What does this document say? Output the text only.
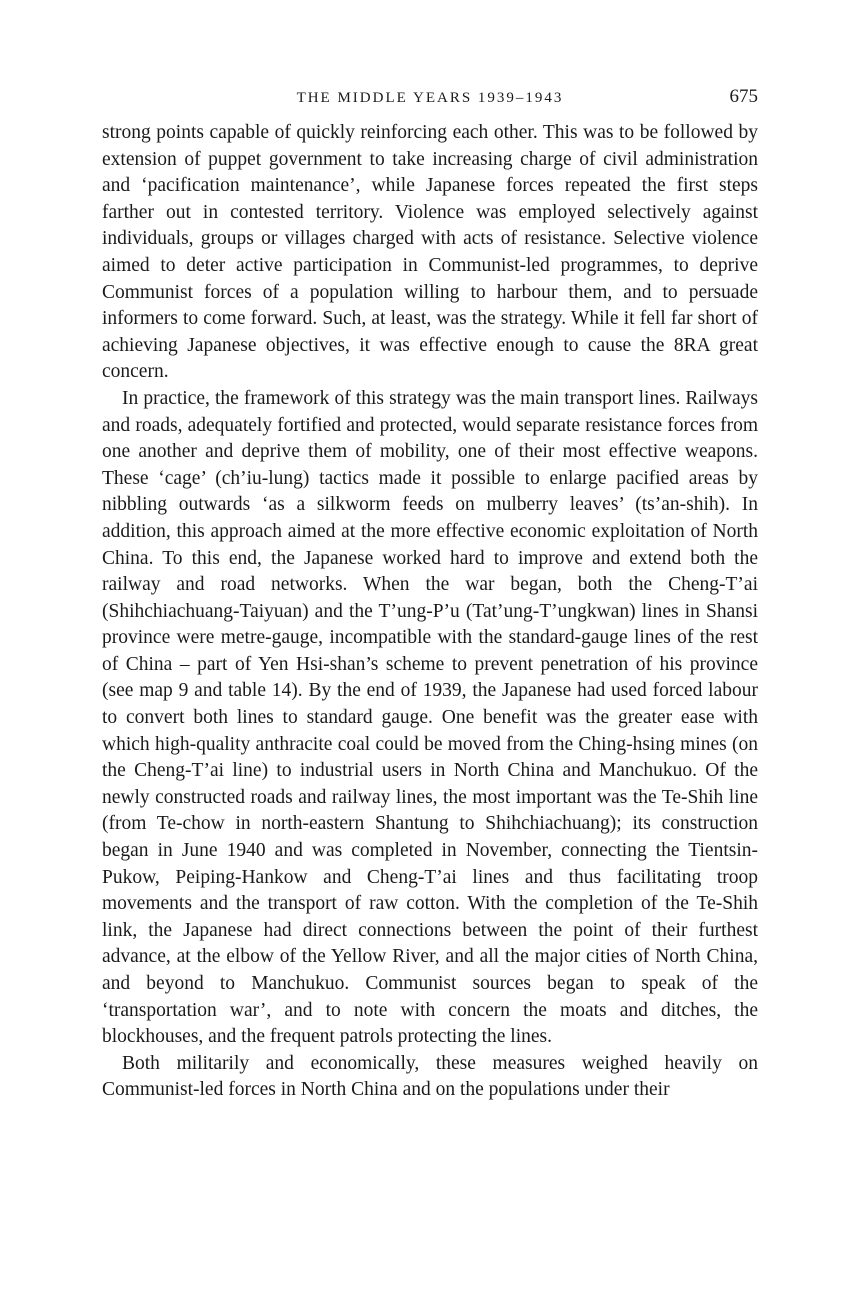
THE MIDDLE YEARS 1939–1943	675

strong points capable of quickly reinforcing each other. This was to be followed by extension of puppet government to take increasing charge of civil administration and ‘pacification maintenance’, while Japanese forces repeated the first steps farther out in contested territory. Violence was employed selectively against individuals, groups or villages charged with acts of resistance. Selective violence aimed to deter active participation in Communist-led programmes, to deprive Communist forces of a population willing to harbour them, and to persuade informers to come forward. Such, at least, was the strategy. While it fell far short of achieving Japanese objectives, it was effective enough to cause the 8RA great concern.

In practice, the framework of this strategy was the main transport lines. Railways and roads, adequately fortified and protected, would separate resistance forces from one another and deprive them of mobility, one of their most effective weapons. These ‘cage’ (ch’iu-lung) tactics made it possible to enlarge pacified areas by nibbling outwards ‘as a silkworm feeds on mulberry leaves’ (ts’an-shih). In addition, this approach aimed at the more effective economic exploitation of North China. To this end, the Japanese worked hard to improve and extend both the railway and road networks. When the war began, both the Cheng-T’ai (Shihchiachuang-Taiyuan) and the T’ung-P’u (Tat’ung-T’ungkwan) lines in Shansi province were metre-gauge, incompatible with the standard-gauge lines of the rest of China – part of Yen Hsi-shan’s scheme to prevent penetration of his province (see map 9 and table 14). By the end of 1939, the Japanese had used forced labour to convert both lines to standard gauge. One benefit was the greater ease with which high-quality anthracite coal could be moved from the Ching-hsing mines (on the Cheng-T’ai line) to industrial users in North China and Manchukuo. Of the newly constructed roads and railway lines, the most important was the Te-Shih line (from Te-chow in north-eastern Shantung to Shihchiachuang); its construction began in June 1940 and was completed in November, connecting the Tientsin-Pukow, Peiping-Hankow and Cheng-T’ai lines and thus facilitating troop movements and the transport of raw cotton. With the completion of the Te-Shih link, the Japanese had direct connections between the point of their furthest advance, at the elbow of the Yellow River, and all the major cities of North China, and beyond to Manchukuo. Communist sources began to speak of the ‘transportation war’, and to note with concern the moats and ditches, the blockhouses, and the frequent patrols protecting the lines.

Both militarily and economically, these measures weighed heavily on Communist-led forces in North China and on the populations under their
